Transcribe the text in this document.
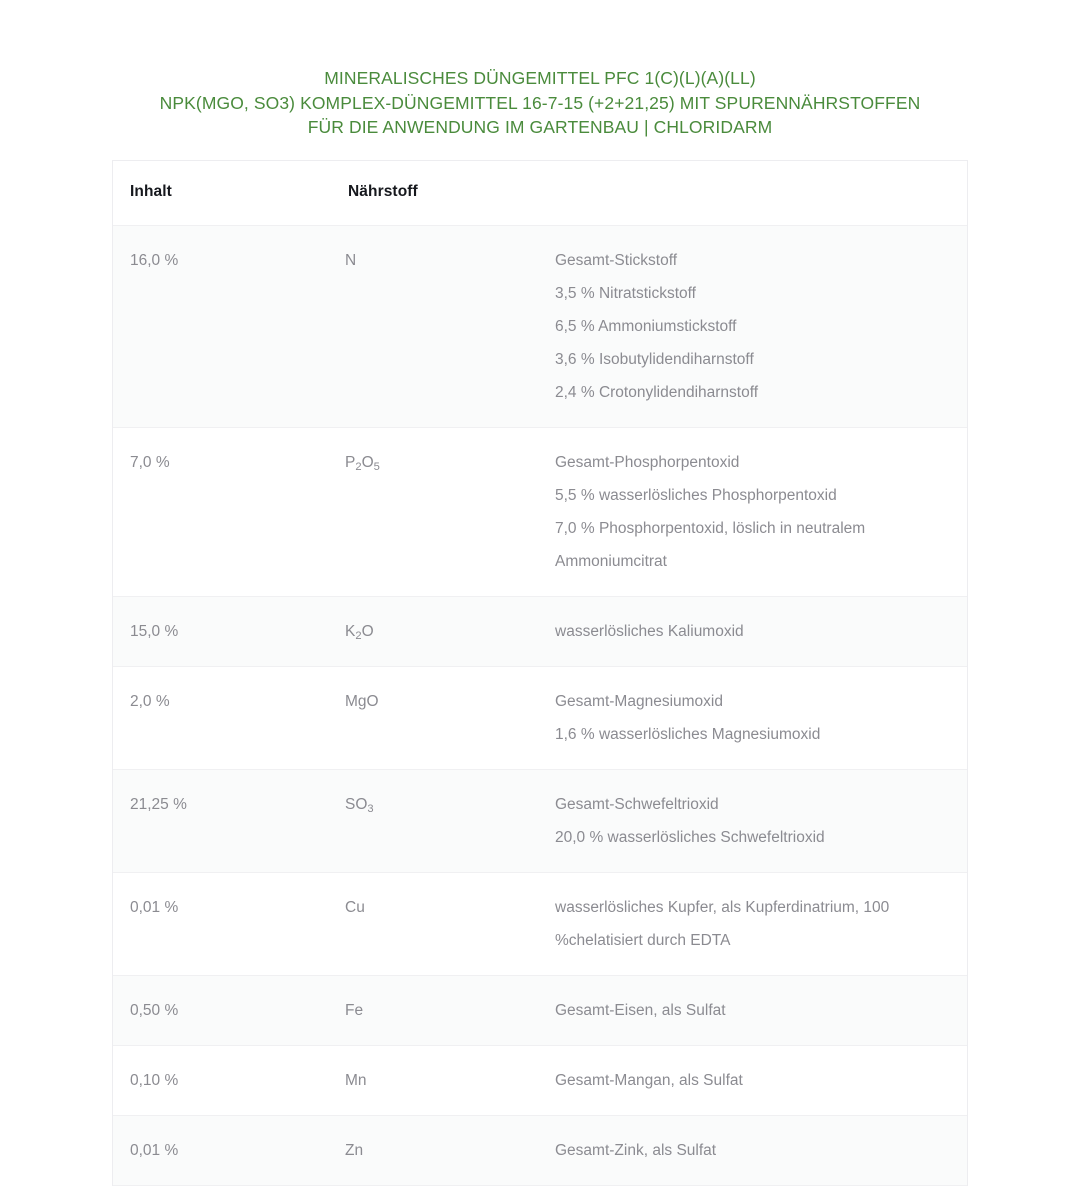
MINERALISCHES DÜNGEMITTEL PFC 1(C)(L)(A)(LL)
NPK(MGO, SO3) KOMPLEX-DÜNGEMITTEL 16-7-15 (+2+21,25) MIT SPURENNÄHRSTOFFEN
FÜR DIE ANWENDUNG IM GARTENBAU | CHLORIDARM
Inhalt	Nährstoff	
16,0 %	N	Gesamt-Stickstoff
3,5 % Nitratstickstoff
6,5 % Ammoniumstickstoff
3,6 % Isobutylidendiharnstoff
2,4 % Crotonylidendiharnstoff

7,0 %	$P_2O_5$	Gesamt-Phosphorpentoxid
5,5 % wasserlösliches Phosphorpentoxid
7,0 % Phosphorpentoxid, löslich in neutralem Ammoniumcitrat

15,0 %	$K_2O$	wasserlösliches Kaliumoxid

2,0 %	MgO	Gesamt-Magnesiumoxid
1,6 % wasserlösliches Magnesiumoxid

21,25 %	$SO_3$	Gesamt-Schwefeltrioxid
20,0 % wasserlösliches Schwefeltrioxid

0,01 %	Cu	wasserlösliches Kupfer, als Kupferdinatrium, 100 %chelatisiert durch EDTA

0,50 %	Fe	Gesamt-Eisen, als Sulfat

0,10 %	Mn	Gesamt-Mangan, als Sulfat

0,01 %	Zn	Gesamt-Zink, als Sulfat
